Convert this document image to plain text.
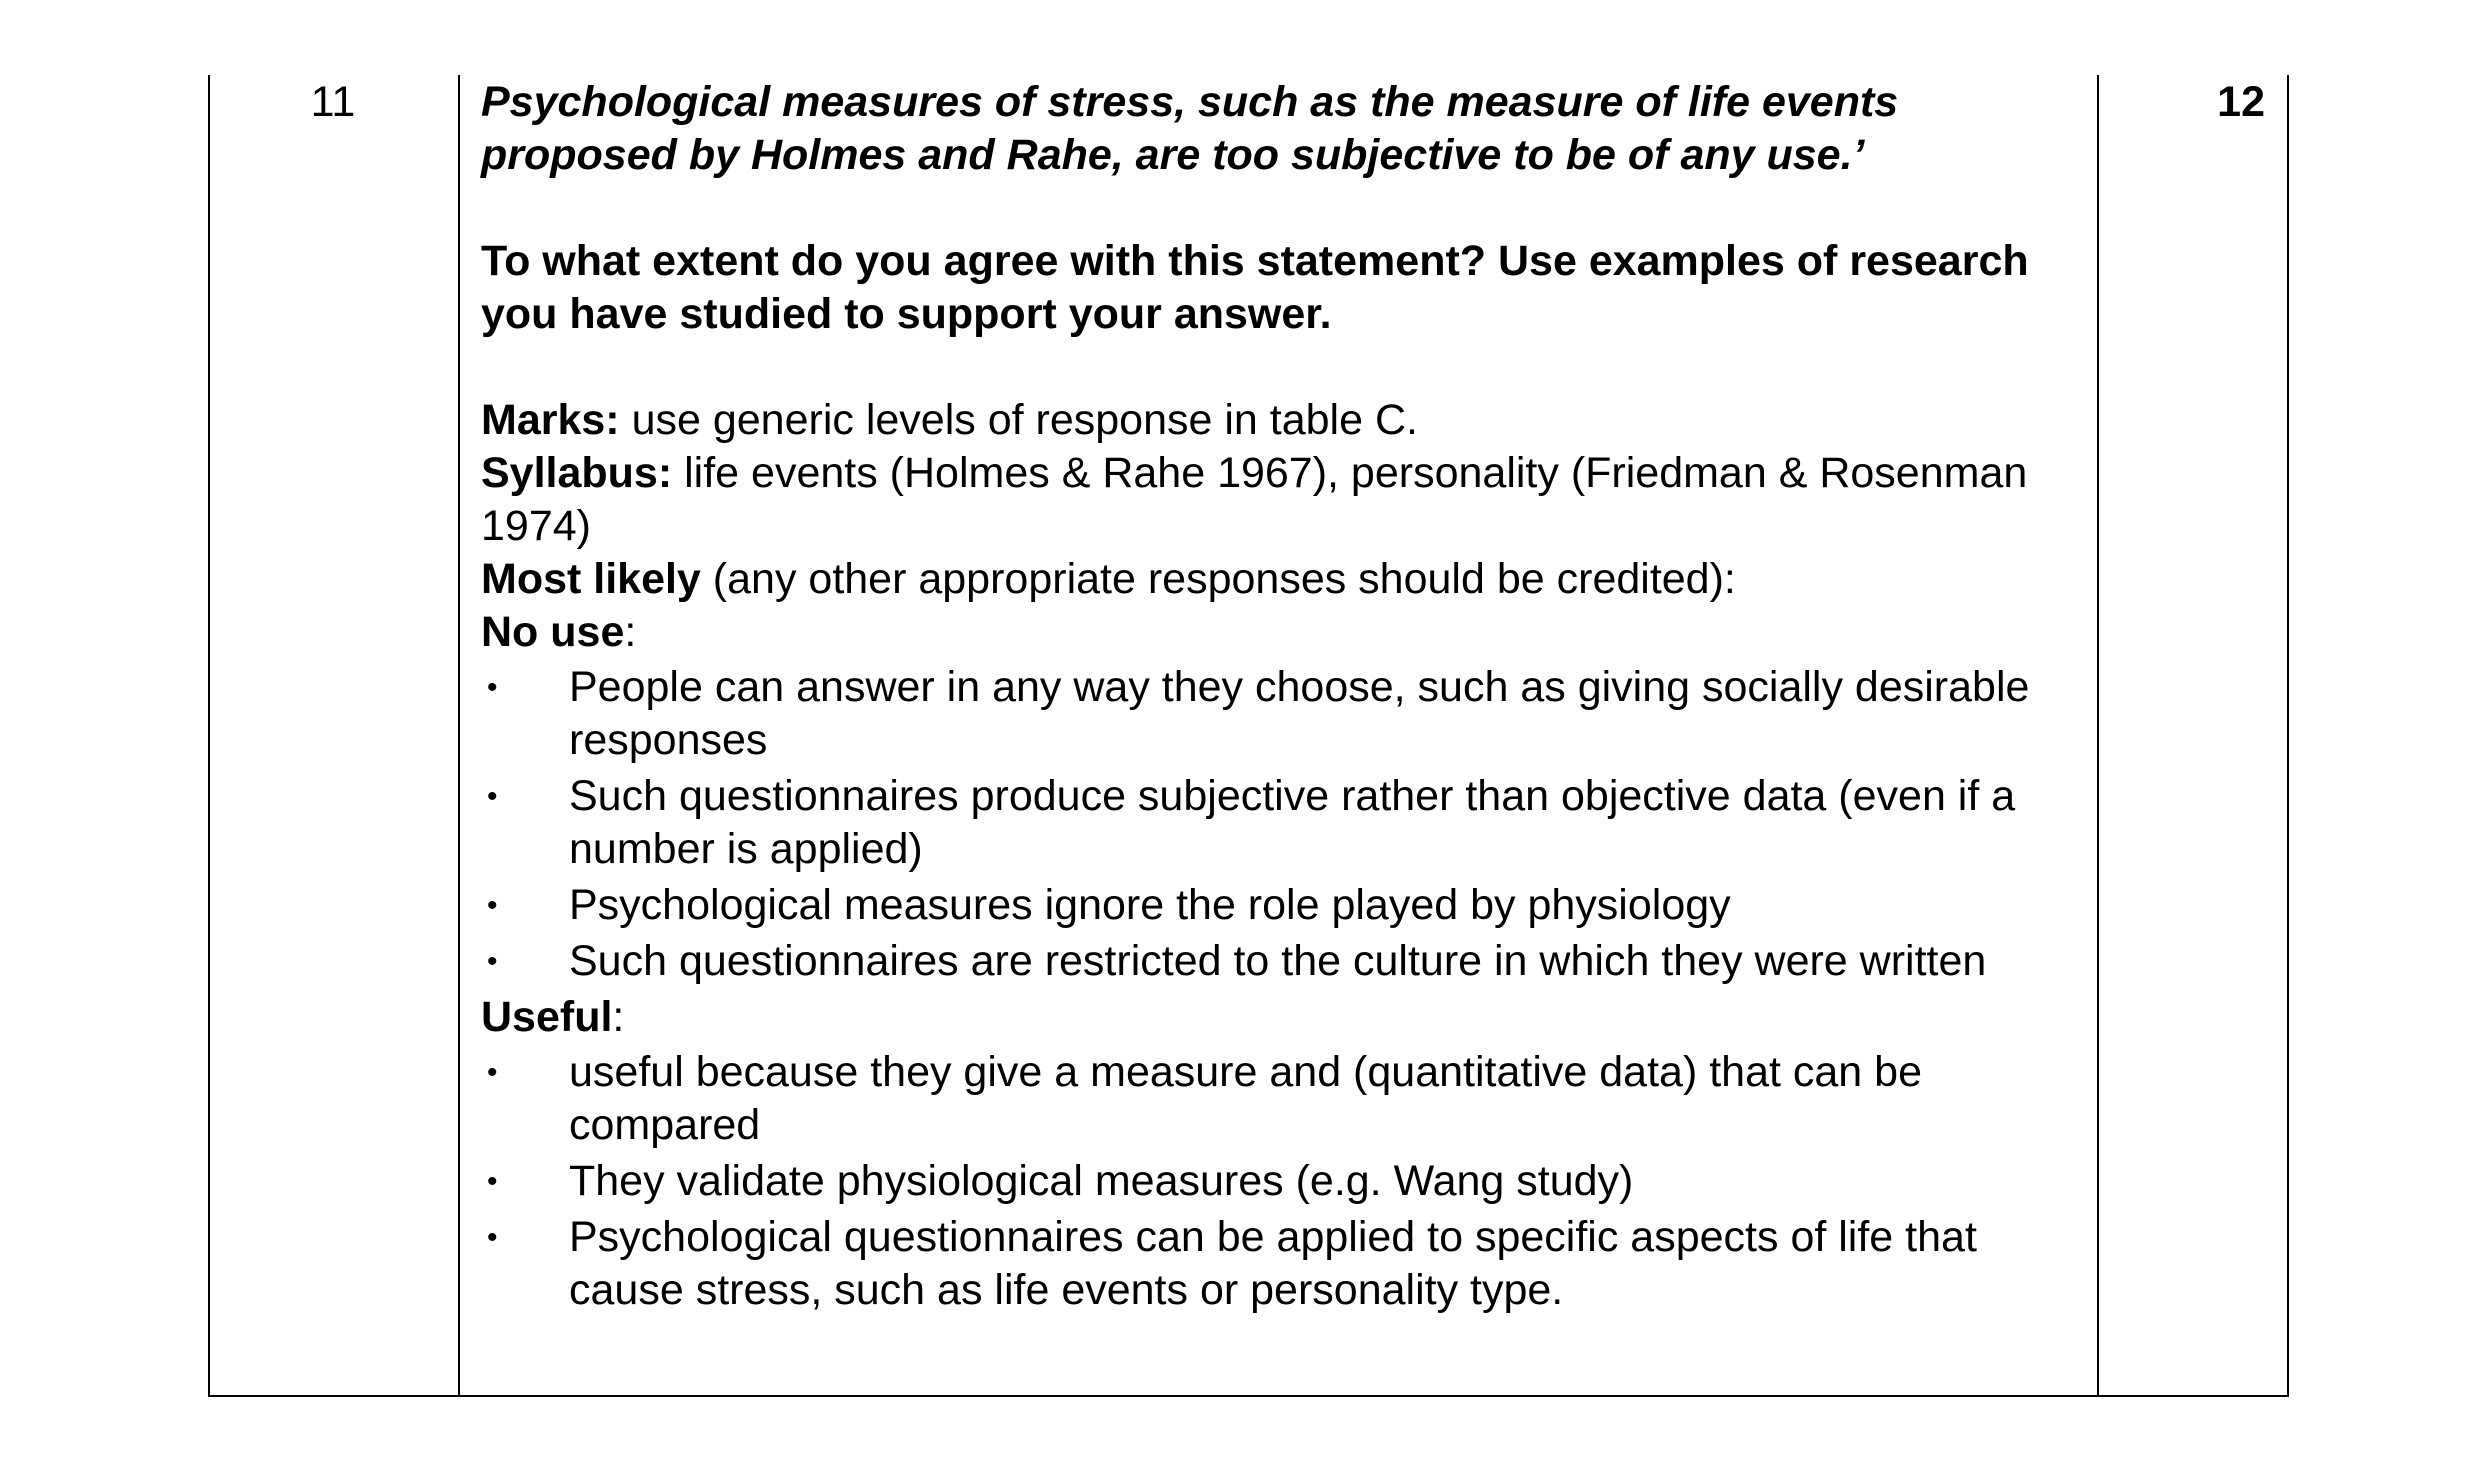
11	12

Psychological measures of stress, such as the measure of life events proposed by Holmes and Rahe, are too subjective to be of any use.’

To what extent do you agree with this statement? Use examples of research you have studied to support your answer.

Marks: use generic levels of response in table C.

Syllabus: life events (Holmes & Rahe 1967), personality (Friedman & Rosenman 1974)

Most likely (any other appropriate responses should be credited):

No use:

• People can answer in any way they choose, such as giving socially desirable responses
• Such questionnaires produce subjective rather than objective data (even if a number is applied)
• Psychological measures ignore the role played by physiology
• Such questionnaires are restricted to the culture in which they were written

Useful:

• useful because they give a measure and (quantitative data) that can be compared
• They validate physiological measures (e.g. Wang study)
• Psychological questionnaires can be applied to specific aspects of life that cause stress, such as life events or personality type.
